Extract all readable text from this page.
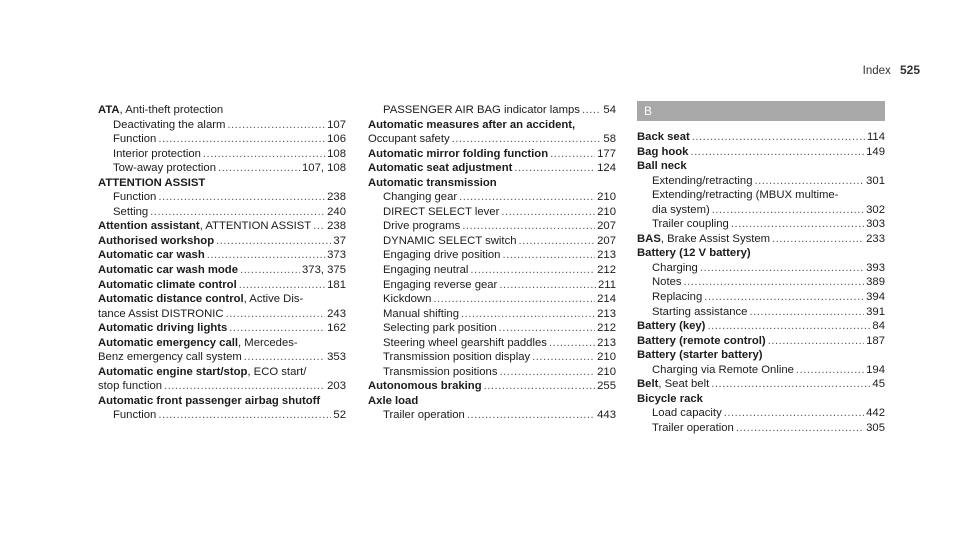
Index 525
ATA, Anti-theft protection
Deactivating the alarm .....	107
Function .....	106
Interior protection .....	108
Tow-away protection .....	107, 108
ATTENTION ASSIST
Function .....	238
Setting .....	240
Attention assistant, ATTENTION ASSIST ..... 238
Authorised workshop .....	37
Automatic car wash .....	373
Automatic car wash mode .....	373, 375
Automatic climate control .....	181
Automatic distance control, Active Dis-
tance Assist DISTRONIC .....	243
Automatic driving lights .....	162
Automatic emergency call, Mercedes-
Benz emergency call system .....	353
Automatic engine start/stop, ECO start/
stop function .....	203
Automatic front passenger airbag shutoff
Function .....	52
PASSENGER AIR BAG indicator lamps ..... 54
Automatic measures after an accident,
Occupant safety .....	58
Automatic mirror folding function .....	177
Automatic seat adjustment .....	124
Automatic transmission
Changing gear .....	210
DIRECT SELECT lever .....	210
Drive programs .....	207
DYNAMIC SELECT switch .....	207
Engaging drive position .....	213
Engaging neutral .....	212
Engaging reverse gear .....	211
Kickdown .....	214
Manual shifting .....	213
Selecting park position .....	212
Steering wheel gearshift paddles .....	213
Transmission position display .....	210
Transmission positions .....	210
Autonomous braking .....	255
Axle load
Trailer operation .....	443
B
Back seat .....	114
Bag hook .....	149
Ball neck
Extending/retracting .....	301
Extending/retracting (MBUX multime-
dia system) .....	302
Trailer coupling .....	303
BAS, Brake Assist System .....	233
Battery (12 V battery)
Charging .....	393
Notes .....	389
Replacing .....	394
Starting assistance .....	391
Battery (key) .....	84
Battery (remote control) .....	187
Battery (starter battery)
Charging via Remote Online .....	194
Belt, Seat belt .....	45
Bicycle rack
Load capacity .....	442
Trailer operation .....	305
